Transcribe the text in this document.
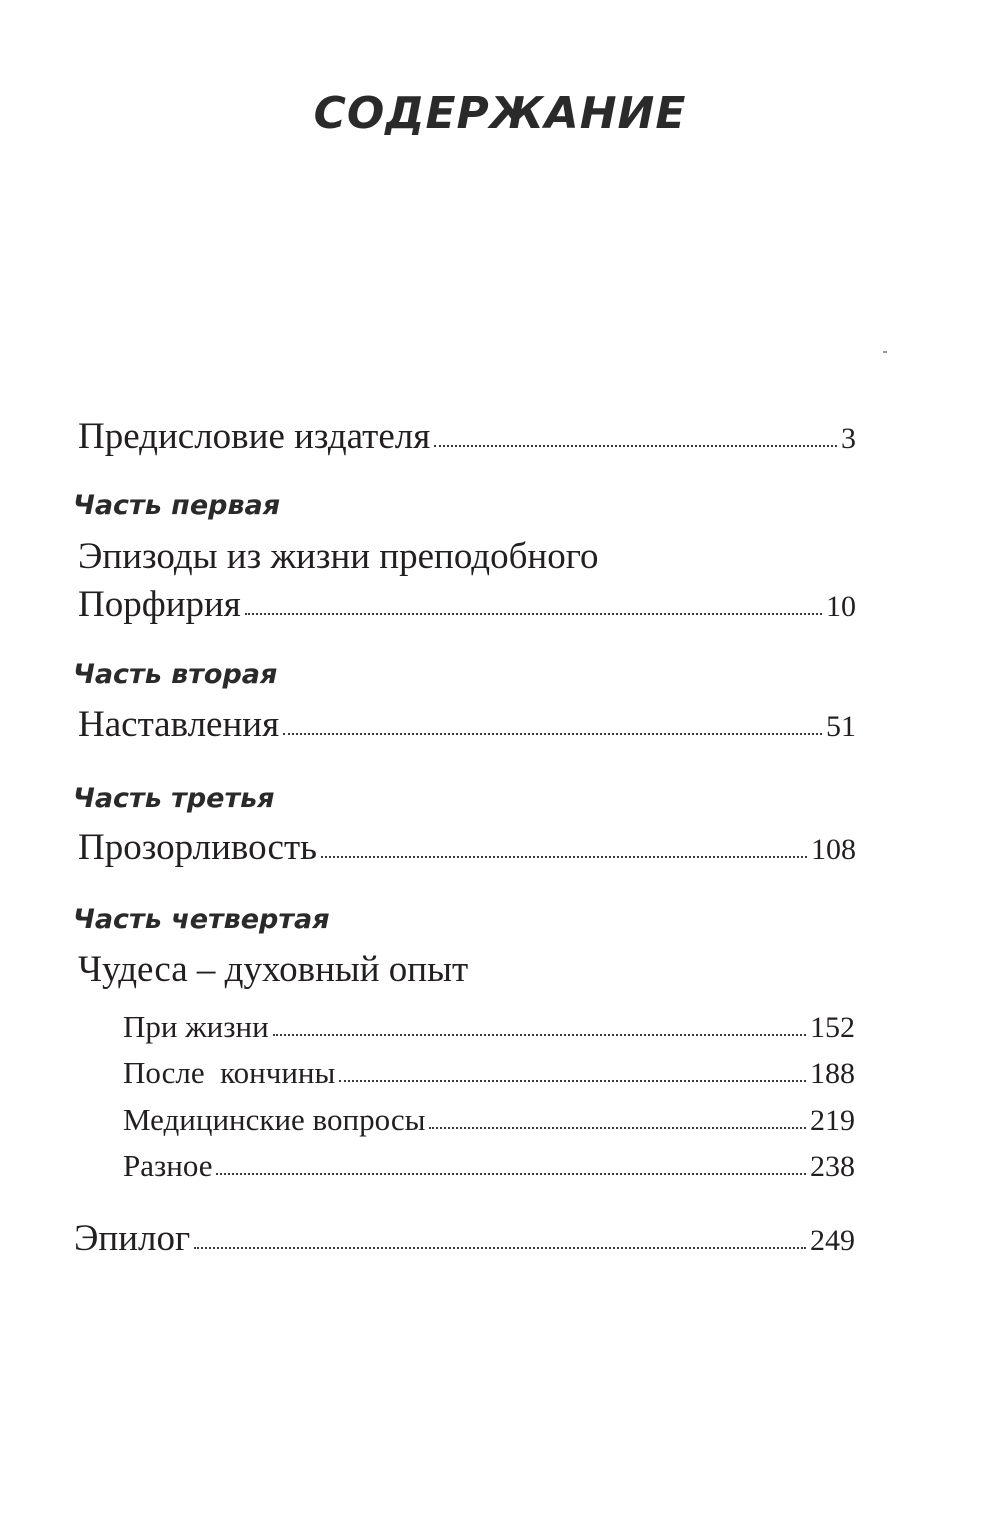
СОДЕРЖАНИЕ
Предисловие издателя	3
Часть первая
Эпизоды из жизни преподобного
Порфирия	10
Часть вторая
Наставления	51
Часть третья
Прозорливость	108
Часть четвертая
Чудеса – духовный опыт
При жизни	152
После  кончины	188
Медицинские вопросы	219
Разное	238
Эпилог	249
